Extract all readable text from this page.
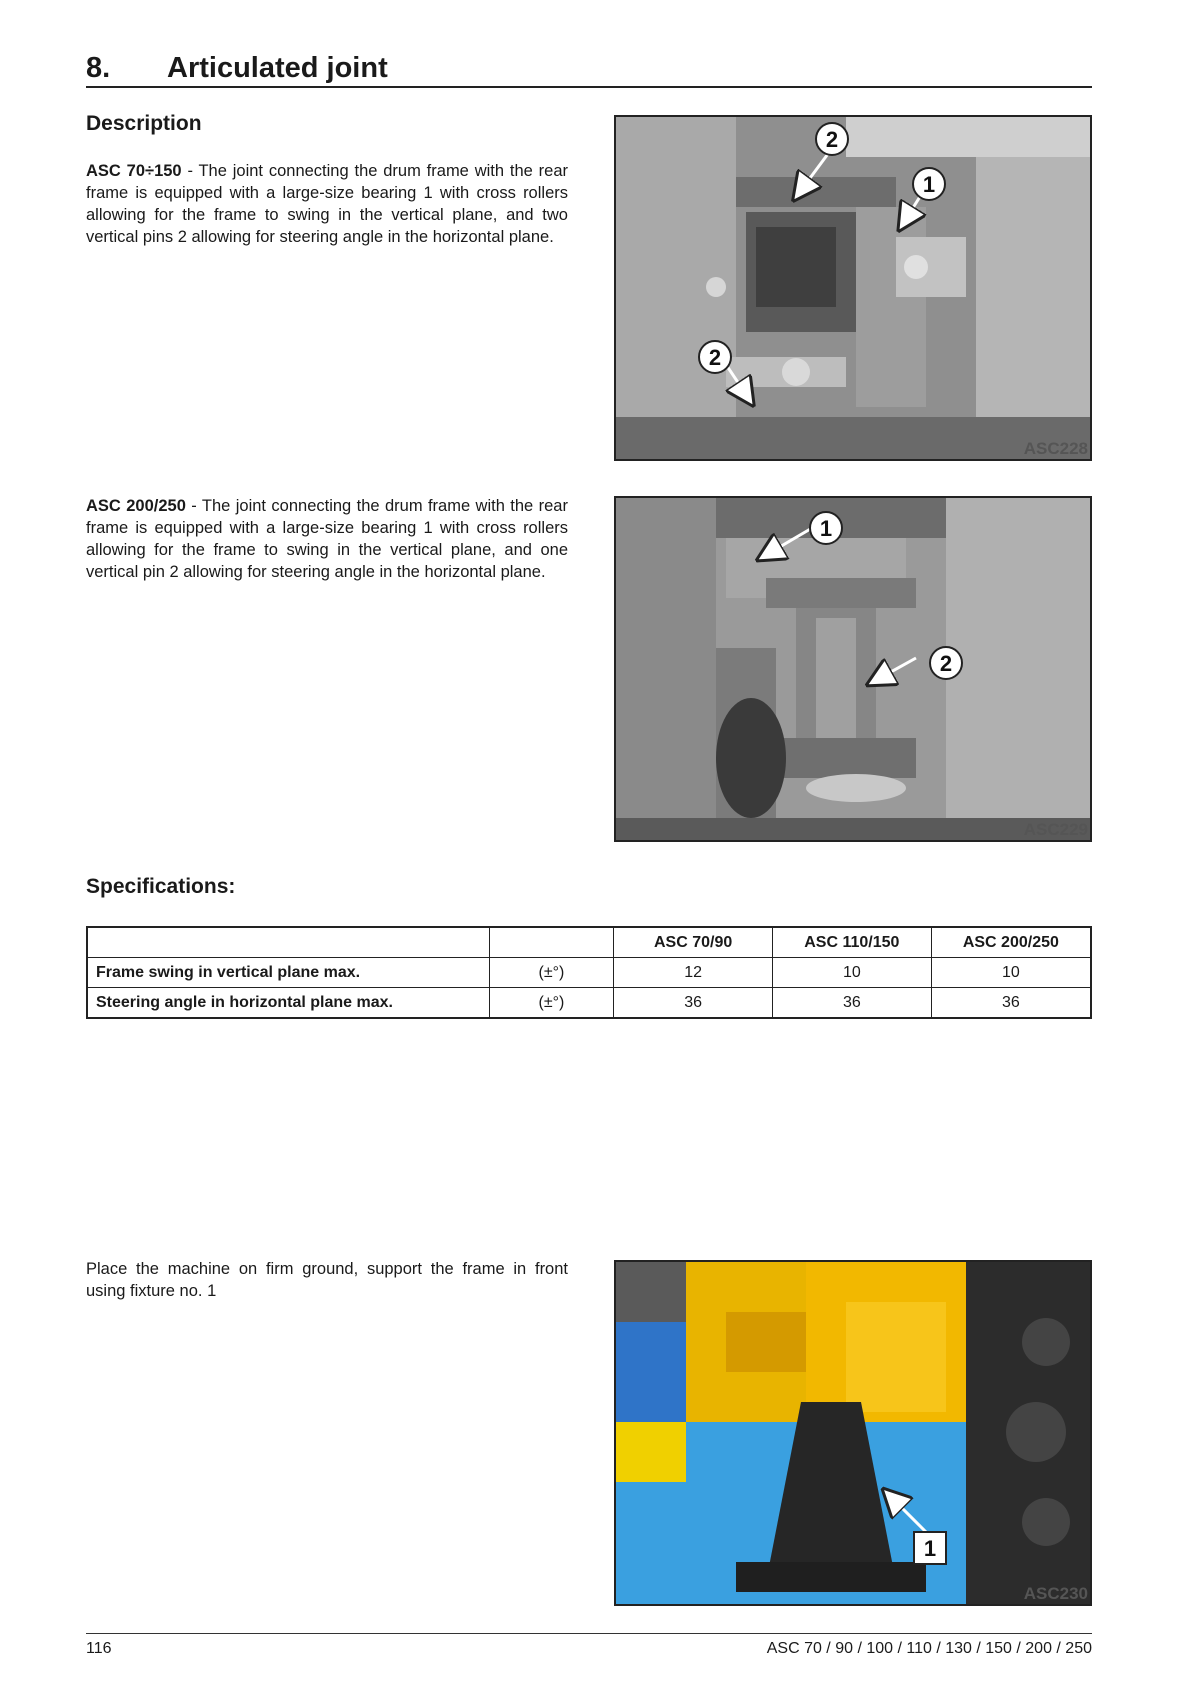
8. Articulated joint
Description
ASC 70÷150 - The joint connecting the drum frame with the rear frame is equipped with a large-size bearing 1 with cross rollers allowing for the frame to swing in the vertical plane, and two vertical pins 2 allowing for steering angle in the horizontal plane.
ASC 200/250 - The joint connecting the drum frame with the rear frame is equipped with a large-size bearing 1 with cross rollers allowing for the frame to swing in the vertical plane, and one vertical pin 2 allowing for steering angle in the horizontal plane.
2
1
2
ASC228
1
2
ASC229
Specifications:
		ASC 70/90	ASC 110/150	ASC 200/250
Frame swing in vertical plane max.	(±°)	12	10	10
Steering angle in horizontal plane max.	(±°)	36	36	36
Place the machine on firm ground, support the frame in front using fixture no. 1
1
ASC230
116	ASC 70 / 90 / 100 / 110 / 130 / 150 / 200 / 250
